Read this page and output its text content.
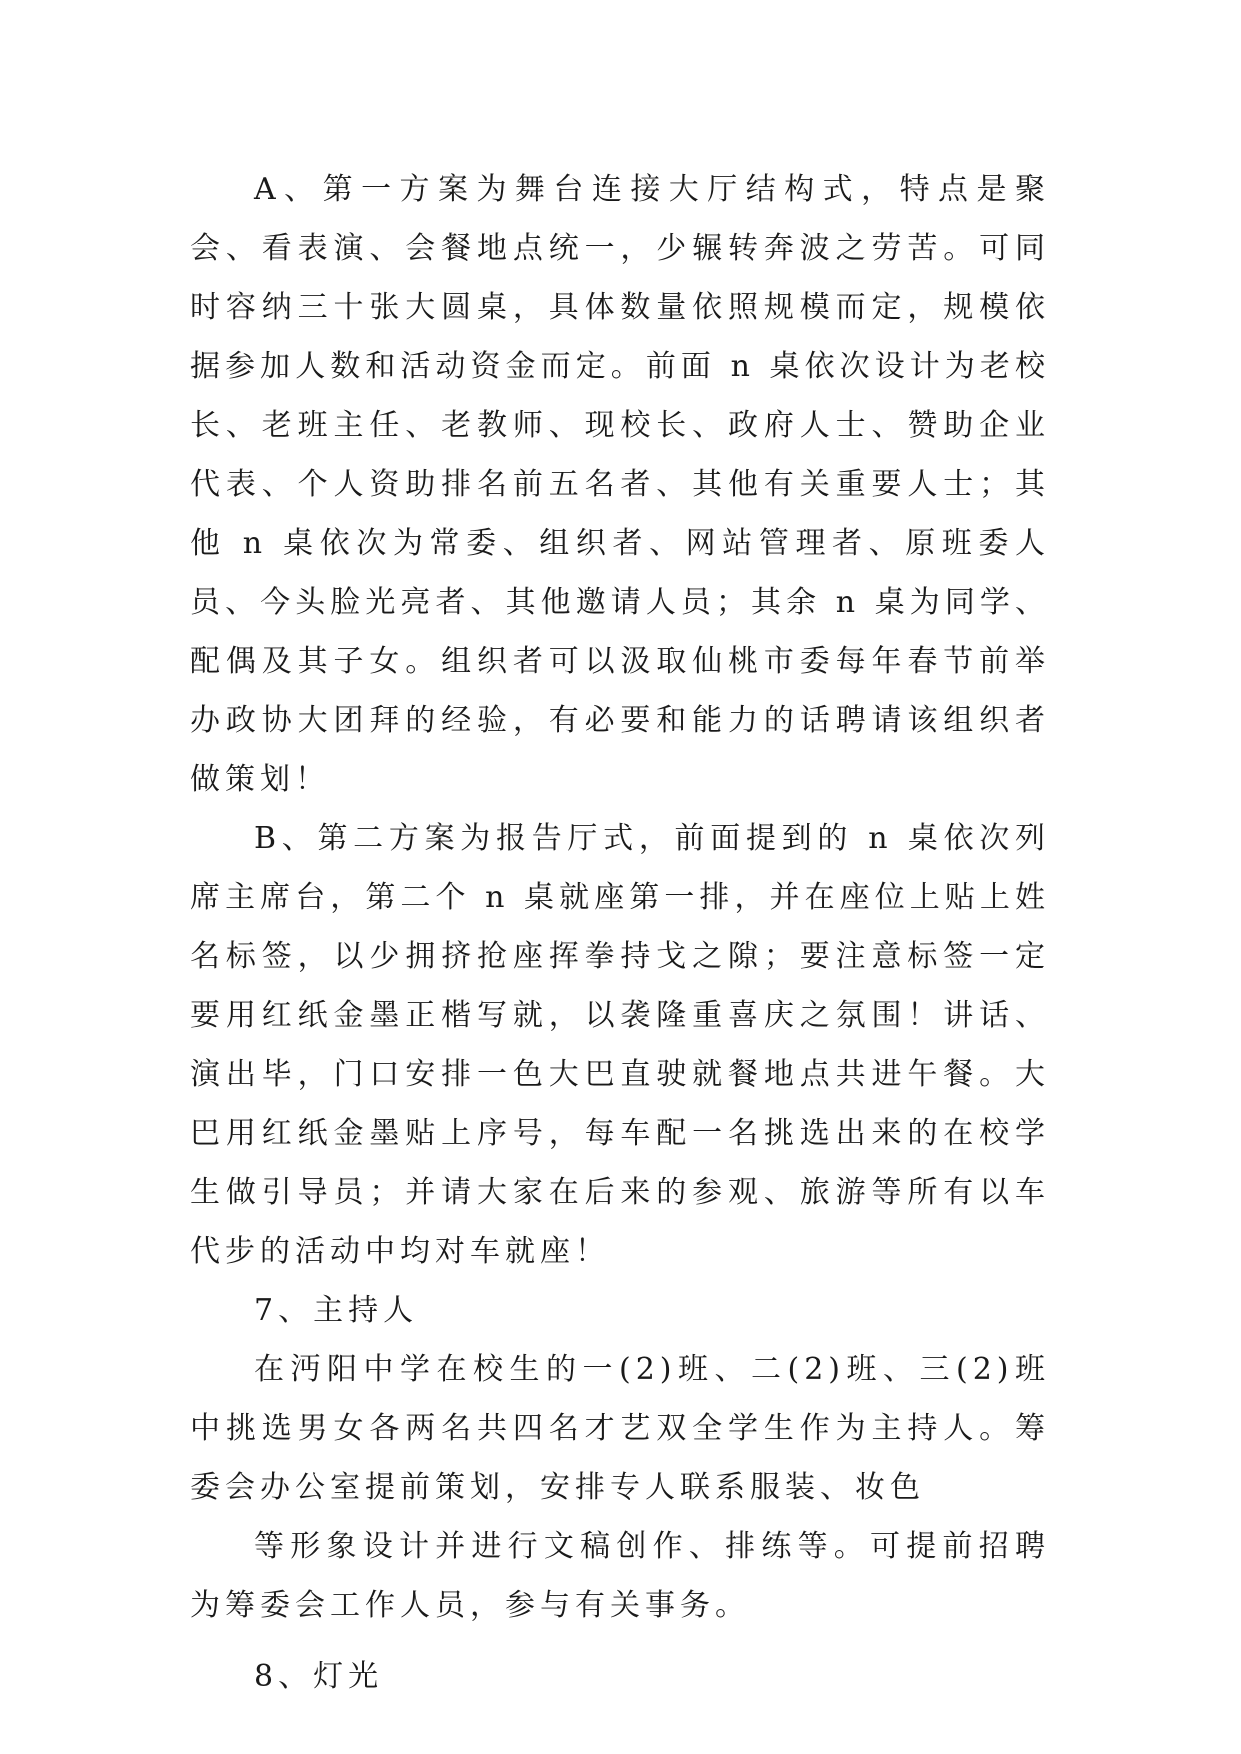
A、第一方案为舞台连接大厅结构式，特点是聚会、看表演、会餐地点统一，少辗转奔波之劳苦。可同时容纳三十张大圆桌，具体数量依照规模而定，规模依据参加人数和活动资金而定。前面 n 桌依次设计为老校长、老班主任、老教师、现校长、政府人士、赞助企业代表、个人资助排名前五名者、其他有关重要人士；其他 n 桌依次为常委、组织者、网站管理者、原班委人员、今头脸光亮者、其他邀请人员；其余 n 桌为同学、配偶及其子女。组织者可以汲取仙桃市委每年春节前举办政协大团拜的经验，有必要和能力的话聘请该组织者做策划！

B、第二方案为报告厅式，前面提到的 n 桌依次列席主席台，第二个 n 桌就座第一排，并在座位上贴上姓名标签，以少拥挤抢座挥拳持戈之隙；要注意标签一定要用红纸金墨正楷写就，以袭隆重喜庆之氛围！讲话、演出毕，门口安排一色大巴直驶就餐地点共进午餐。大巴用红纸金墨贴上序号，每车配一名挑选出来的在校学生做引导员；并请大家在后来的参观、旅游等所有以车代步的活动中均对车就座！

7、主持人

在沔阳中学在校生的一(2)班、二(2)班、三(2)班中挑选男女各两名共四名才艺双全学生作为主持人。筹委会办公室提前策划，安排专人联系服装、妆色

等形象设计并进行文稿创作、排练等。可提前招聘为筹委会工作人员，参与有关事务。

8、灯光
